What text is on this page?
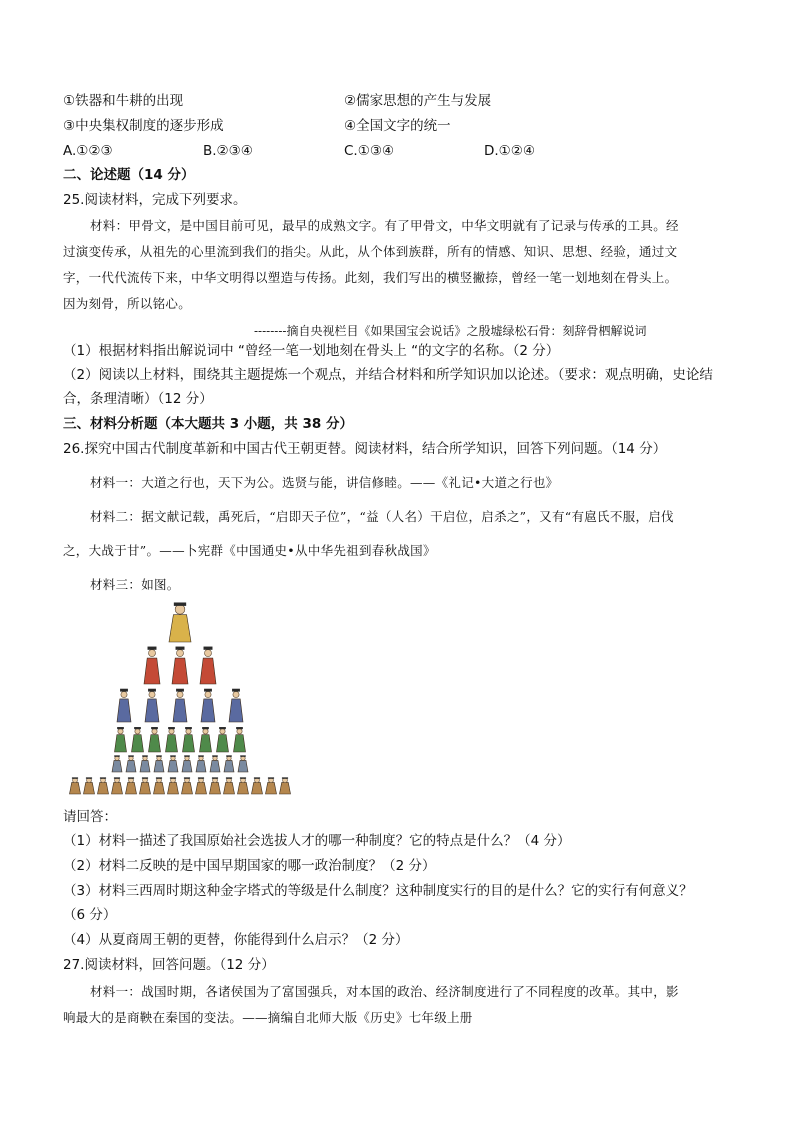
①铁器和牛耕的出现	②儒家思想的产生与发展
③中央集权制度的逐步形成	④全国文字的统一
A.①②③	B.②③④	C.①③④	D.①②④
二、论述题（14 分）
25.阅读材料，完成下列要求。
材料：甲骨文，是中国目前可见，最早的成熟文字。有了甲骨文，中华文明就有了记录与传承的工具。经
过演变传承，从祖先的心里流到我们的指尖。从此，从个体到族群，所有的情感、知识、思想、经验，通过文
字，一代代流传下来，中华文明得以塑造与传扬。此刻，我们写出的横竖撇捺，曾经一笔一划地刻在骨头上。
因为刻骨，所以铭心。
--------摘自央视栏目《如果国宝会说话》之殷墟绿松石骨：刻辞骨柶解说词
（1）根据材料指出解说词中 “曾经一笔一划地刻在骨头上 “的文字的名称。（2 分）
（2）阅读以上材料，围绕其主题提炼一个观点，并结合材料和所学知识加以论述。（要求：观点明确，史论结
合，条理清晰）（12 分）
三、材料分析题（本大题共 3 小题，共 38 分）
26.探究中国古代制度革新和中国古代王朝更替。阅读材料，结合所学知识，回答下列问题。（14 分）
材料一：大道之行也，天下为公。选贤与能，讲信修睦。——《礼记•大道之行也》
材料二：据文献记载，禹死后，“启即天子位”，“益（人名）干启位，启杀之”，又有“有扈氏不服，启伐
之，大战于甘”。——卜宪群《中国通史•从中华先祖到春秋战国》
材料三：如图。
请回答：
（1）材料一描述了我国原始社会选拔人才的哪一种制度？它的特点是什么？（4 分）
（2）材料二反映的是中国早期国家的哪一政治制度？（2 分）
（3）材料三西周时期这种金字塔式的等级是什么制度？这种制度实行的目的是什么？它的实行有何意义？
（6 分）
（4）从夏商周王朝的更替，你能得到什么启示？（2 分）
27.阅读材料，回答问题。（12 分）
材料一：战国时期，各诸侯国为了富国强兵，对本国的政治、经济制度进行了不同程度的改革。其中，影
响最大的是商鞅在秦国的变法。——摘编自北师大版《历史》七年级上册
